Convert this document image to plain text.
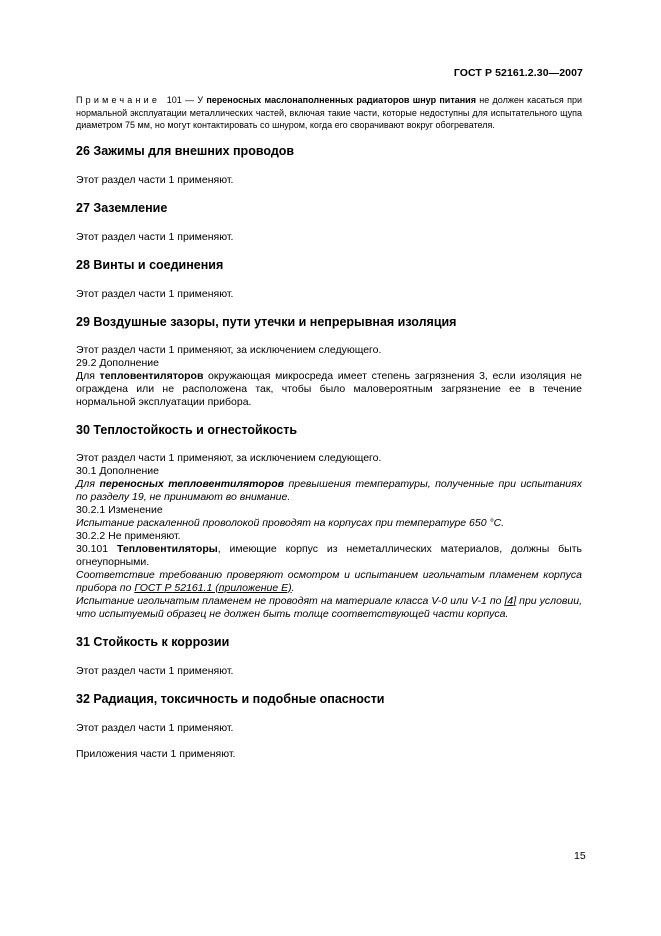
ГОСТ Р 52161.2.30—2007

Примечание 101 — У переносных маслонаполненных радиаторов шнур питания не должен касаться при нормальной эксплуатации металлических частей, включая такие части, которые недоступны для испытательного щупа диаметром 75 мм, но могут контактировать со шнуром, когда его сворачивают вокруг обогревателя.

26 Зажимы для внешних проводов

Этот раздел части 1 применяют.

27 Заземление

Этот раздел части 1 применяют.

28 Винты и соединения

Этот раздел части 1 применяют.

29 Воздушные зазоры, пути утечки и непрерывная изоляция

Этот раздел части 1 применяют, за исключением следующего.

29.2 Дополнение

Для тепловентиляторов окружающая микросреда имеет степень загрязнения 3, если изоляция не ограждена или не расположена так, чтобы было маловероятным загрязнение ее в течение нормальной эксплуатации прибора.

30 Теплостойкость и огнестойкость

Этот раздел части 1 применяют, за исключением следующего.

30.1 Дополнение

Для переносных тепловентиляторов превышения температуры, полученные при испытаниях по разделу 19, не принимают во внимание.

30.2.1 Изменение

Испытание раскаленной проволокой проводят на корпусах при температуре 650 °С.

30.2.2 Не применяют.

30.101 Тепловентиляторы, имеющие корпус из неметаллических материалов, должны быть огнеупорными.

Соответствие требованию проверяют осмотром и испытанием игольчатым пламенем корпуса прибора по ГОСТ Р 52161.1 (приложение Е).

Испытание игольчатым пламенем не проводят на материале класса V-0 или V-1 по [4] при условии, что испытуемый образец не должен быть толще соответствующей части корпуса.

31 Стойкость к коррозии

Этот раздел части 1 применяют.

32 Радиация, токсичность и подобные опасности

Этот раздел части 1 применяют.

Приложения части 1 применяют.

15
